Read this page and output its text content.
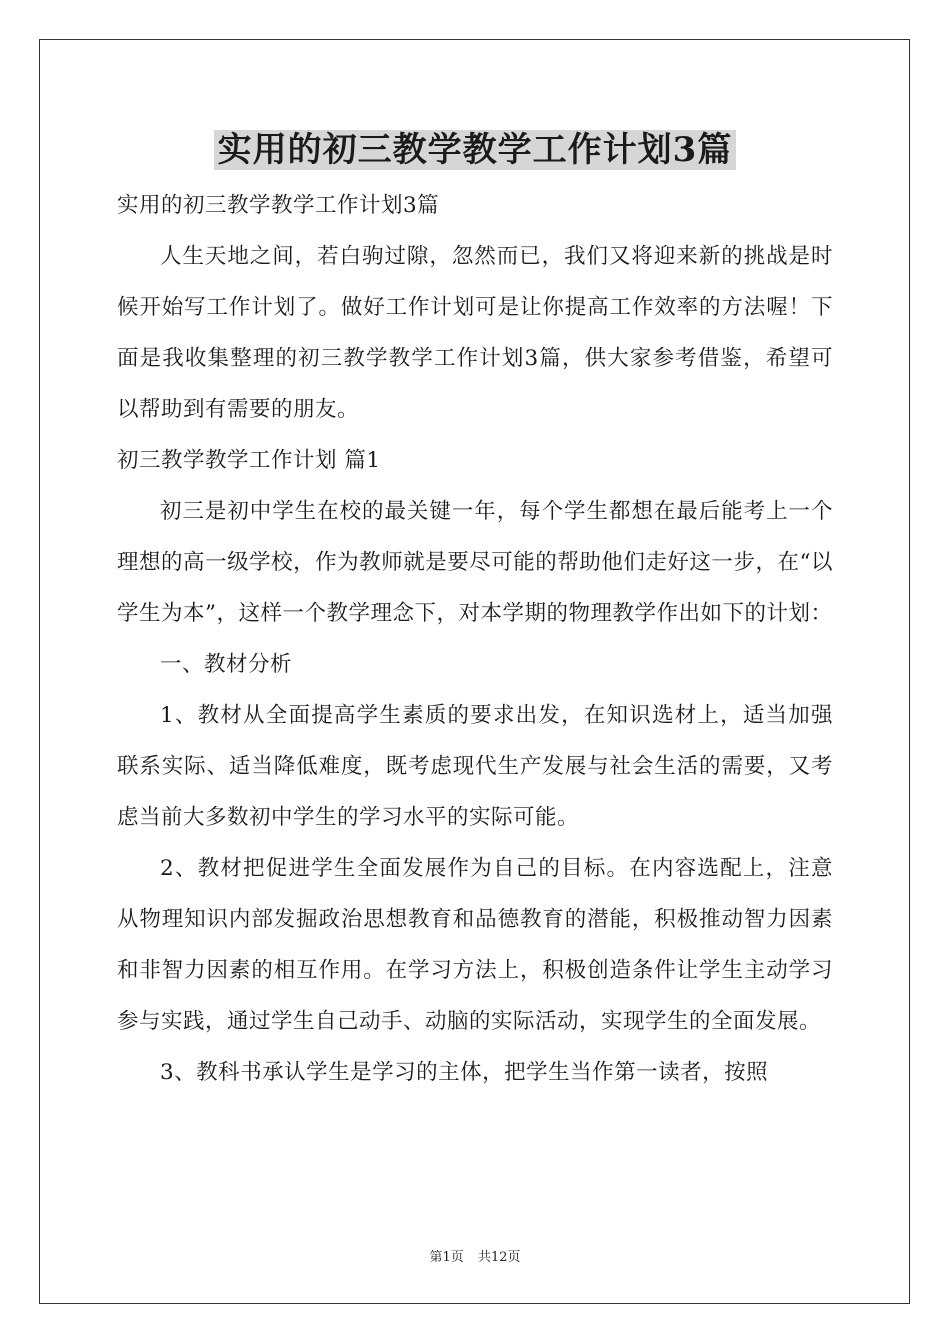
实用的初三教学教学工作计划3篇

实用的初三教学教学工作计划3篇

人生天地之间，若白驹过隙，忽然而已，我们又将迎来新的挑战是时候开始写工作计划了。做好工作计划可是让你提高工作效率的方法喔！下面是我收集整理的初三教学教学工作计划3篇，供大家参考借鉴，希望可以帮助到有需要的朋友。

初三教学教学工作计划 篇1

初三是初中学生在校的最关键一年，每个学生都想在最后能考上一个理想的高一级学校，作为教师就是要尽可能的帮助他们走好这一步，在“以学生为本”，这样一个教学理念下，对本学期的物理教学作出如下的计划：

一、教材分析

1、教材从全面提高学生素质的要求出发，在知识选材上，适当加强联系实际、适当降低难度，既考虑现代生产发展与社会生活的需要，又考虑当前大多数初中学生的学习水平的实际可能。

2、教材把促进学生全面发展作为自己的目标。在内容选配上，注意从物理知识内部发掘政治思想教育和品德教育的潜能，积极推动智力因素和非智力因素的相互作用。在学习方法上，积极创造条件让学生主动学习参与实践，通过学生自己动手、动脑的实际活动，实现学生的全面发展。

3、教科书承认学生是学习的主体，把学生当作第一读者，按照

第1页 共12页
